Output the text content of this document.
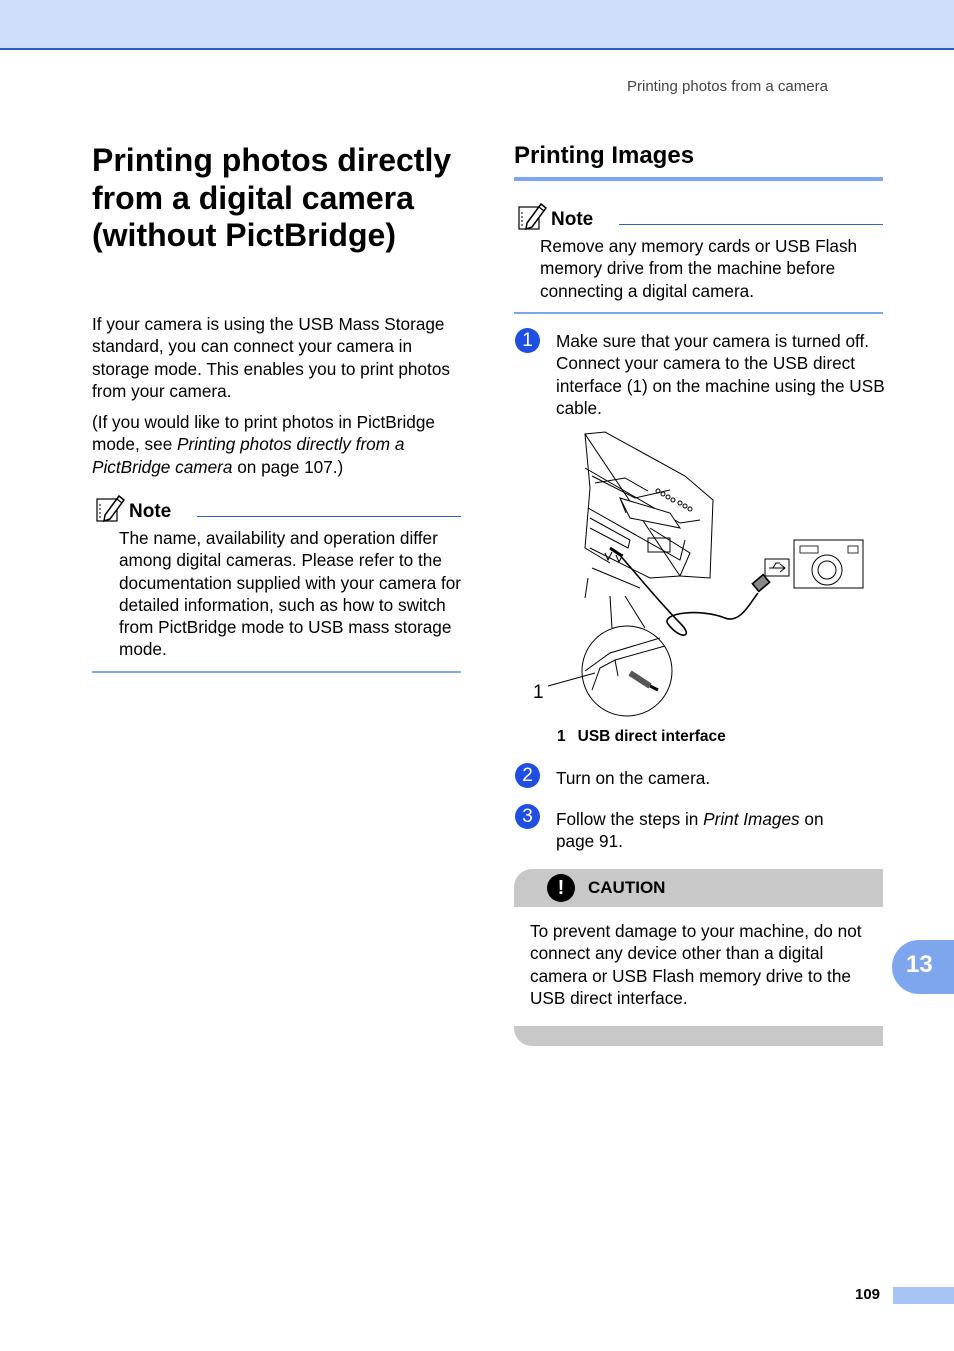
Printing photos from a camera
Printing photos directly from a digital camera (without PictBridge)

If your camera is using the USB Mass Storage standard, you can connect your camera in storage mode. This enables you to print photos from your camera.

(If you would like to print photos in PictBridge mode, see Printing photos directly from a PictBridge camera on page 107.)

Note

The name, availability and operation differ among digital cameras. Please refer to the documentation supplied with your camera for detailed information, such as how to switch from PictBridge mode to USB mass storage mode.

Printing Images
Note

Remove any memory cards or USB Flash memory drive from the machine before connecting a digital camera.

1	Make sure that your camera is turned off. Connect your camera to the USB direct interface (1) on the machine using the USB cable.

1
1 USB direct interface
2	Turn on the camera.

3	Follow the steps in Print Images on page 91.

!	CAUTION

To prevent damage to your machine, do not connect any device other than a digital camera or USB Flash memory drive to the USB direct interface.

13
109
